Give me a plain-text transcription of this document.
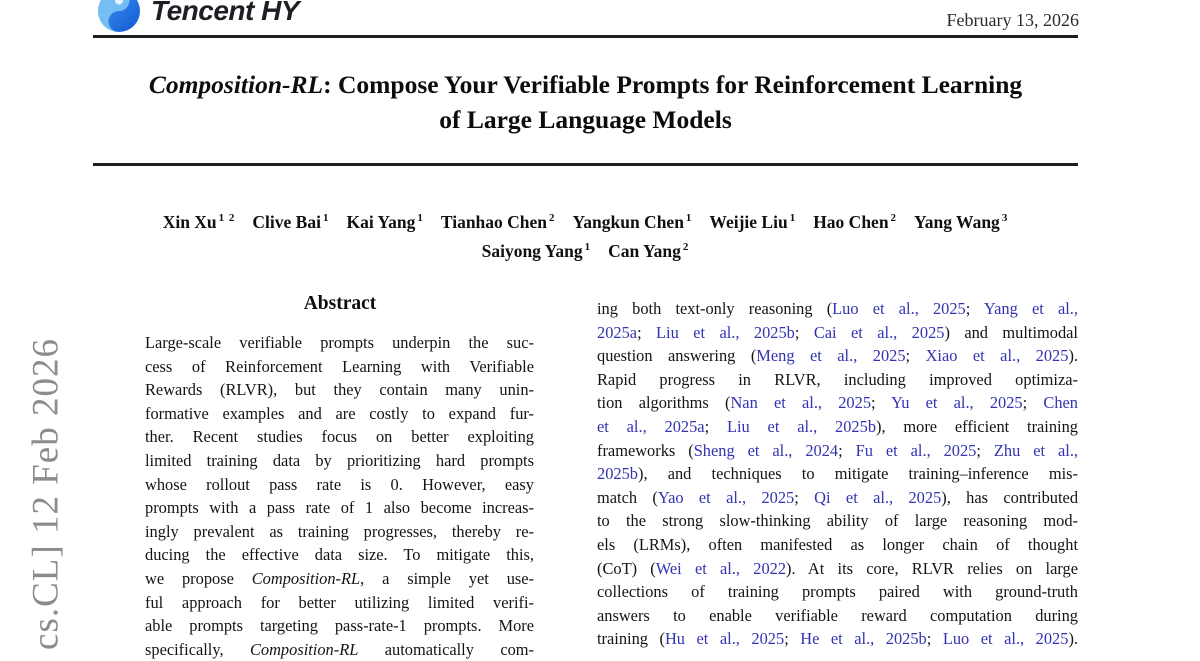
cs.CL] 12 Feb 2026
Tencent HY	February 13, 2026
Composition-RL: Compose Your Verifiable Prompts for Reinforcement Learning
of Large Language Models
Xin Xu $^{1 2}$ Clive Bai $^1$ Kai Yang $^1$ Tianhao Chen $^2$ Yangkun Chen $^1$ Weijie Liu $^1$ Hao Chen $^2$ Yang Wang $^3$
Saiyong Yang $^1$ Can Yang $^2$
Abstract
Large-scale verifiable prompts underpin the suc-
cess of Reinforcement Learning with Verifiable
Rewards (RLVR), but they contain many unin-
formative examples and are costly to expand fur-
ther. Recent studies focus on better exploiting
limited training data by prioritizing hard prompts
whose rollout pass rate is 0. However, easy
prompts with a pass rate of 1 also become increas-
ingly prevalent as training progresses, thereby re-
ducing the effective data size. To mitigate this,
we propose Composition-RL, a simple yet use-
ful approach for better utilizing limited verifi-
able prompts targeting pass-rate-1 prompts. More
specifically, Composition-RL automatically com-
ing both text-only reasoning (Luo et al., 2025; Yang et al.,
2025a; Liu et al., 2025b; Cai et al., 2025) and multimodal
question answering (Meng et al., 2025; Xiao et al., 2025).
Rapid progress in RLVR, including improved optimiza-
tion algorithms (Nan et al., 2025; Yu et al., 2025; Chen
et al., 2025a; Liu et al., 2025b), more efficient training
frameworks (Sheng et al., 2024; Fu et al., 2025; Zhu et al.,
2025b), and techniques to mitigate training–inference mis-
match (Yao et al., 2025; Qi et al., 2025), has contributed
to the strong slow-thinking ability of large reasoning mod-
els (LRMs), often manifested as longer chain of thought
(CoT) (Wei et al., 2022). At its core, RLVR relies on large
collections of training prompts paired with ground-truth
answers to enable verifiable reward computation during
training (Hu et al., 2025; He et al., 2025b; Luo et al., 2025).
